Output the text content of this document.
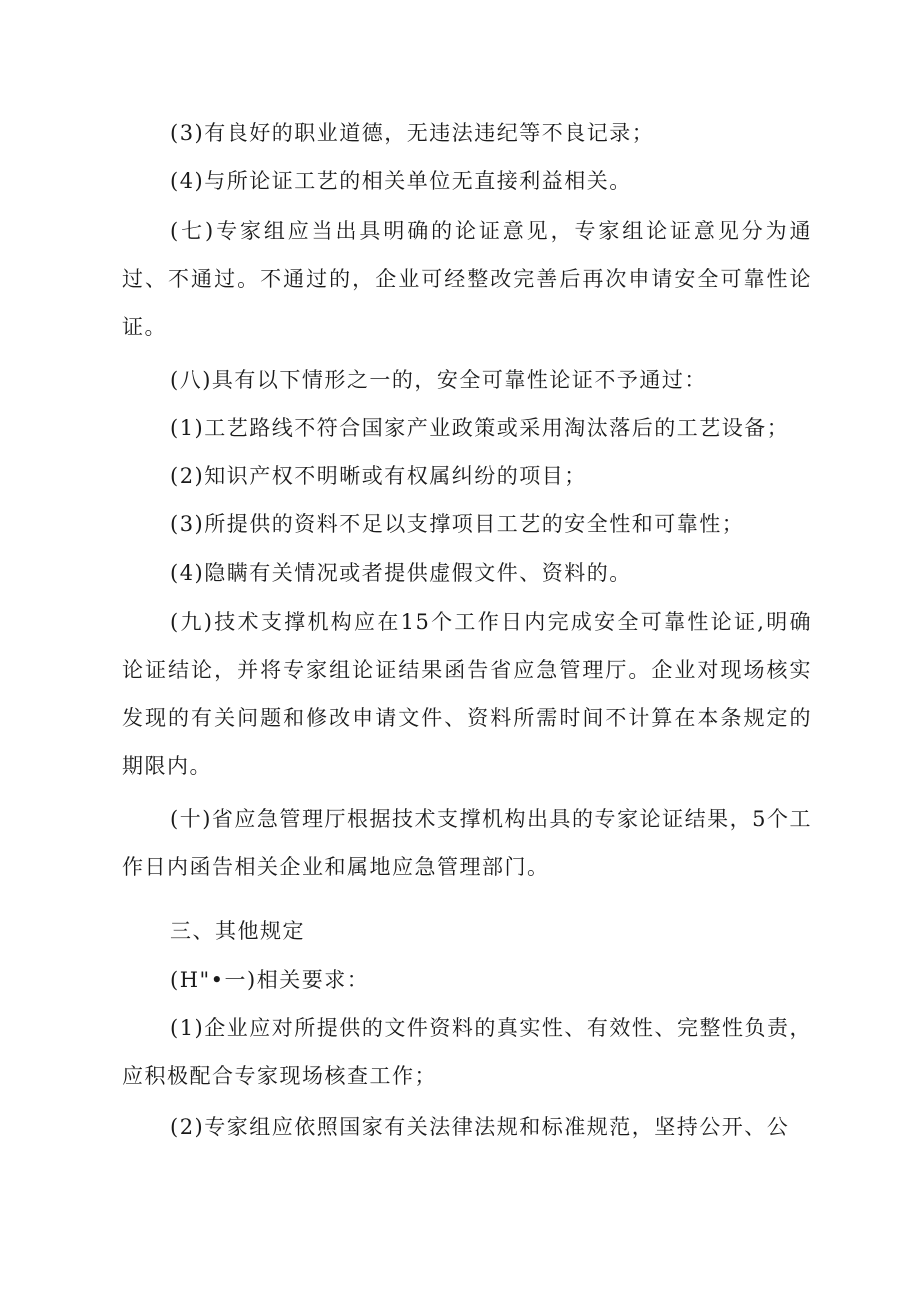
(3)有良好的职业道德，无违法违纪等不良记录；

(4)与所论证工艺的相关单位无直接利益相关。

(七)专家组应当出具明确的论证意见，专家组论证意见分为通过、不通过。不通过的，企业可经整改完善后再次申请安全可靠性论证。

(八)具有以下情形之一的，安全可靠性论证不予通过：

(1)工艺路线不符合国家产业政策或采用淘汰落后的工艺设备；

(2)知识产权不明晰或有权属纠纷的项目；

(3)所提供的资料不足以支撑项目工艺的安全性和可靠性；

(4)隐瞒有关情况或者提供虚假文件、资料的。

(九)技术支撑机构应在15个工作日内完成安全可靠性论证,明确论证结论，并将专家组论证结果函告省应急管理厅。企业对现场核实发现的有关问题和修改申请文件、资料所需时间不计算在本条规定的期限内。

(十)省应急管理厅根据技术支撑机构出具的专家论证结果，5个工作日内函告相关企业和属地应急管理部门。

三、其他规定

(H"•一)相关要求：

(1)企业应对所提供的文件资料的真实性、有效性、完整性负责，应积极配合专家现场核查工作；

(2)专家组应依照国家有关法律法规和标准规范，坚持公开、公
